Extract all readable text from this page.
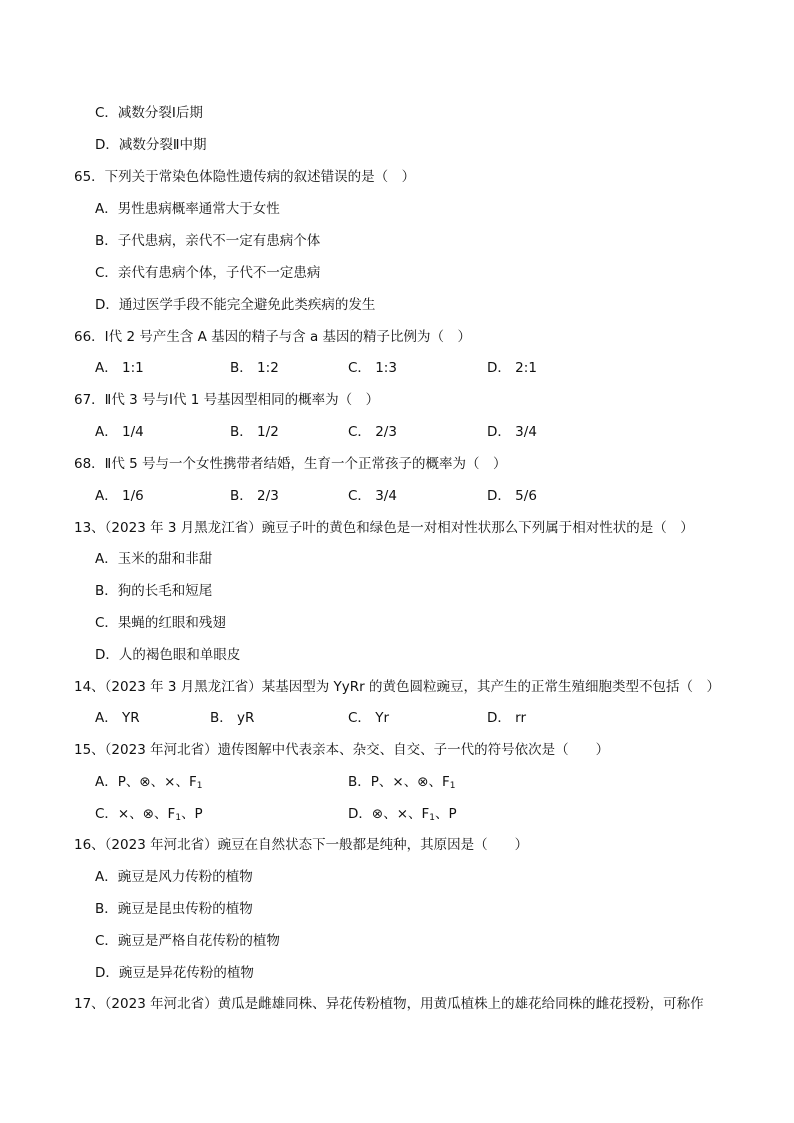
C．减数分裂Ⅰ后期
D．减数分裂Ⅱ中期
65．下列关于常染色体隐性遗传病的叙述错误的是（　）
A．男性患病概率通常大于女性
B．子代患病，亲代不一定有患病个体
C．亲代有患病个体，子代不一定患病
D．通过医学手段不能完全避免此类疾病的发生
66．Ⅰ代 2 号产生含 A 基因的精子与含 a 基因的精子比例为（　）
A． 1:1	B． 1:2	C． 1:3	D． 2:1
67．Ⅱ代 3 号与Ⅰ代 1 号基因型相同的概率为（　）
A． 1/4	B． 1/2	C． 2/3	D． 3/4
68．Ⅱ代 5 号与一个女性携带者结婚，生育一个正常孩子的概率为（　）
A． 1/6	B． 2/3	C． 3/4	D． 5/6
13、（2023 年 3 月黑龙江省）豌豆子叶的黄色和绿色是一对相对性状那么下列属于相对性状的是（　）
A．玉米的甜和非甜
B．狗的长毛和短尾
C．果蝇的红眼和残翅
D．人的褐色眼和单眼皮
14、（2023 年 3 月黑龙江省）某基因型为 YyRr 的黄色圆粒豌豆，其产生的正常生殖细胞类型不包括（　）
A． YR	B． yR	C． Yr	D． rr
15、（2023 年河北省）遗传图解中代表亲本、杂交、自交、子一代的符号依次是（　　）
A．P、⊗、×、$F_1$	B．P、×、⊗、$F_1$
C．×、⊗、$F_1$、P	D．⊗、×、$F_1$、P
16、（2023 年河北省）豌豆在自然状态下一般都是纯种，其原因是（　　）
A．豌豆是风力传粉的植物
B．豌豆是昆虫传粉的植物
C．豌豆是严格自花传粉的植物
D．豌豆是异花传粉的植物
17、（2023 年河北省）黄瓜是雌雄同株、异花传粉植物，用黄瓜植株上的雄花给同株的雌花授粉，可称作
